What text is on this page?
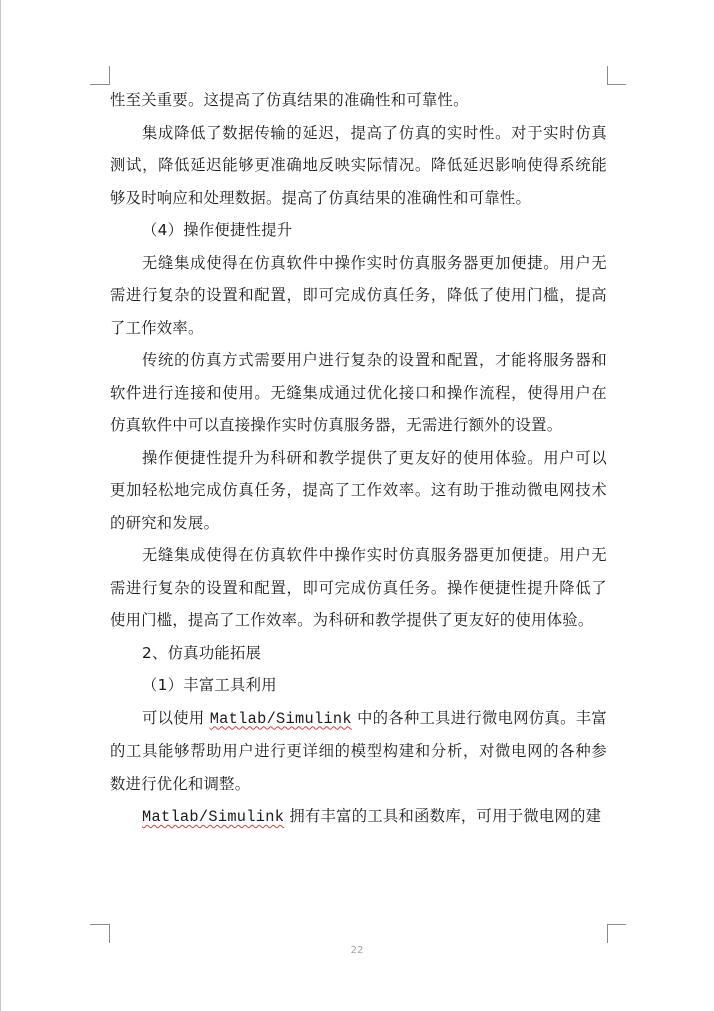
性至关重要。这提高了仿真结果的准确性和可靠性。

集成降低了数据传输的延迟，提高了仿真的实时性。对于实时仿真测试，降低延迟能够更准确地反映实际情况。降低延迟影响使得系统能够及时响应和处理数据。提高了仿真结果的准确性和可靠性。

（4）操作便捷性提升

无缝集成使得在仿真软件中操作实时仿真服务器更加便捷。用户无需进行复杂的设置和配置，即可完成仿真任务，降低了使用门槛，提高了工作效率。

传统的仿真方式需要用户进行复杂的设置和配置，才能将服务器和软件进行连接和使用。无缝集成通过优化接口和操作流程，使得用户在仿真软件中可以直接操作实时仿真服务器，无需进行额外的设置。

操作便捷性提升为科研和教学提供了更友好的使用体验。用户可以更加轻松地完成仿真任务，提高了工作效率。这有助于推动微电网技术的研究和发展。

无缝集成使得在仿真软件中操作实时仿真服务器更加便捷。用户无需进行复杂的设置和配置，即可完成仿真任务。操作便捷性提升降低了使用门槛，提高了工作效率。为科研和教学提供了更友好的使用体验。

2、仿真功能拓展

（1）丰富工具利用

可以使用 Matlab/Simulink 中的各种工具进行微电网仿真。丰富的工具能够帮助用户进行更详细的模型构建和分析，对微电网的各种参数进行优化和调整。

Matlab/Simulink 拥有丰富的工具和函数库，可用于微电网的建

22
